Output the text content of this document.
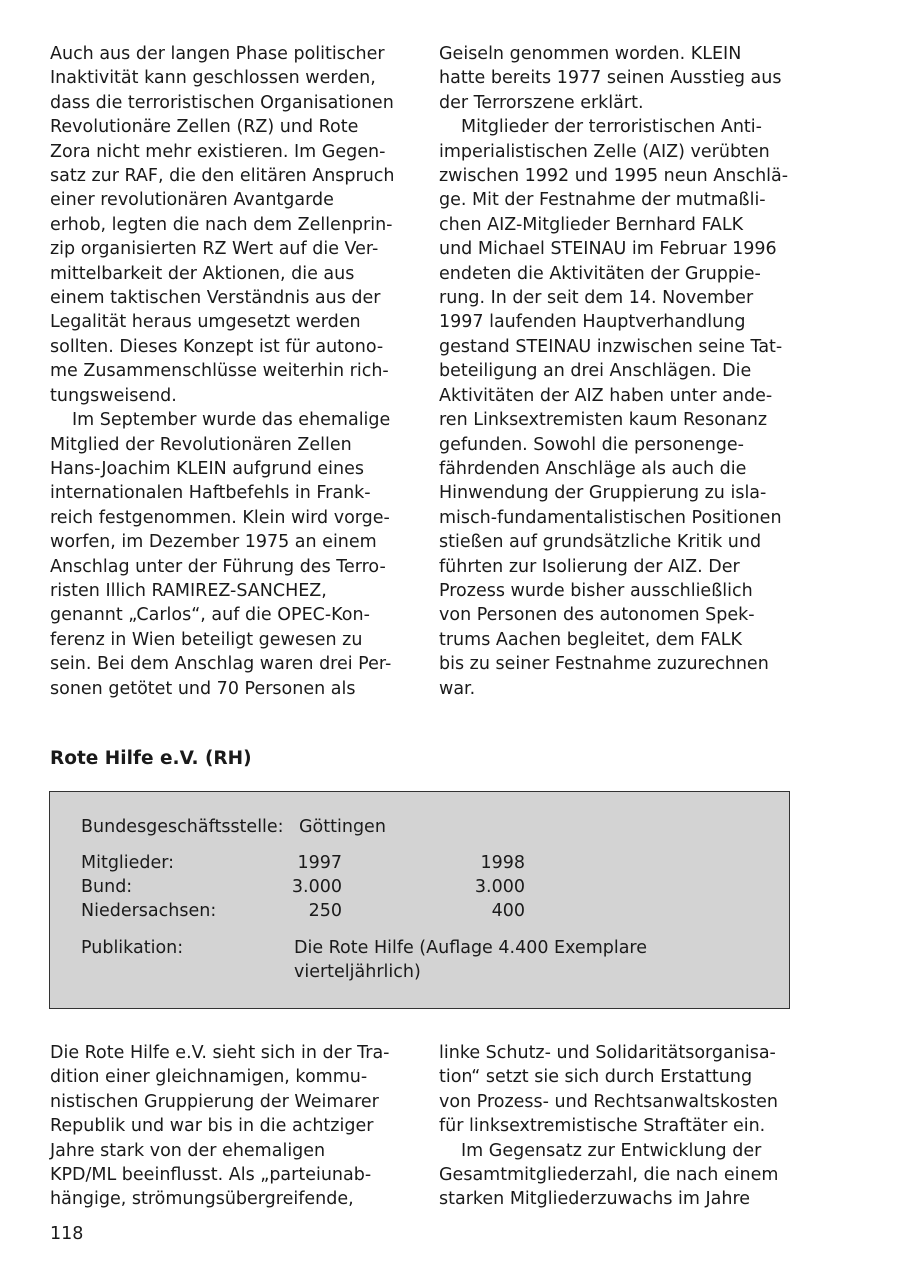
Auch aus der langen Phase politischer
Inaktivität kann geschlossen werden,
dass die terroristischen Organisationen
Revolutionäre Zellen (RZ) und Rote
Zora nicht mehr existieren. Im Gegen-
satz zur RAF, die den elitären Anspruch
einer revolutionären Avantgarde
erhob, legten die nach dem Zellenprin-
zip organisierten RZ Wert auf die Ver-
mittelbarkeit der Aktionen, die aus
einem taktischen Verständnis aus der
Legalität heraus umgesetzt werden
sollten. Dieses Konzept ist für autono-
me Zusammenschlüsse weiterhin rich-
tungsweisend.
Im September wurde das ehemalige
Mitglied der Revolutionären Zellen
Hans-Joachim KLEIN aufgrund eines
internationalen Haftbefehls in Frank-
reich festgenommen. Klein wird vorge-
worfen, im Dezember 1975 an einem
Anschlag unter der Führung des Terro-
risten Illich RAMIREZ-SANCHEZ,
genannt „Carlos“, auf die OPEC-Kon-
ferenz in Wien beteiligt gewesen zu
sein. Bei dem Anschlag waren drei Per-
sonen getötet und 70 Personen als
Geiseln genommen worden. KLEIN
hatte bereits 1977 seinen Ausstieg aus
der Terrorszene erklärt.
Mitglieder der terroristischen Anti-
imperialistischen Zelle (AIZ) verübten
zwischen 1992 und 1995 neun Anschlä-
ge. Mit der Festnahme der mutmaßli-
chen AIZ-Mitglieder Bernhard FALK
und Michael STEINAU im Februar 1996
endeten die Aktivitäten der Gruppie-
rung. In der seit dem 14. November
1997 laufenden Hauptverhandlung
gestand STEINAU inzwischen seine Tat-
beteiligung an drei Anschlägen. Die
Aktivitäten der AIZ haben unter ande-
ren Linksextremisten kaum Resonanz
gefunden. Sowohl die personenge-
fährdenden Anschläge als auch die
Hinwendung der Gruppierung zu isla-
misch-fundamentalistischen Positionen
stießen auf grundsätzliche Kritik und
führten zur Isolierung der AIZ. Der
Prozess wurde bisher ausschließlich
von Personen des autonomen Spek-
trums Aachen begleitet, dem FALK
bis zu seiner Festnahme zuzurechnen
war.
Rote Hilfe e.V. (RH)
Bundesgeschäftsstelle: Göttingen
Mitglieder:	1997	1998
Bund:	3.000	3.000
Niedersachsen:	250	400
Publikation:	Die Rote Hilfe (Auflage 4.400 Exemplare
vierteljährlich)
Die Rote Hilfe e.V. sieht sich in der Tra-
dition einer gleichnamigen, kommu-
nistischen Gruppierung der Weimarer
Republik und war bis in die achtziger
Jahre stark von der ehemaligen
KPD/ML beeinflusst. Als „parteiunab-
hängige, strömungsübergreifende,
linke Schutz- und Solidaritätsorganisa-
tion“ setzt sie sich durch Erstattung
von Prozess- und Rechtsanwaltskosten
für linksextremistische Straftäter ein.
Im Gegensatz zur Entwicklung der
Gesamtmitgliederzahl, die nach einem
starken Mitgliederzuwachs im Jahre
118
